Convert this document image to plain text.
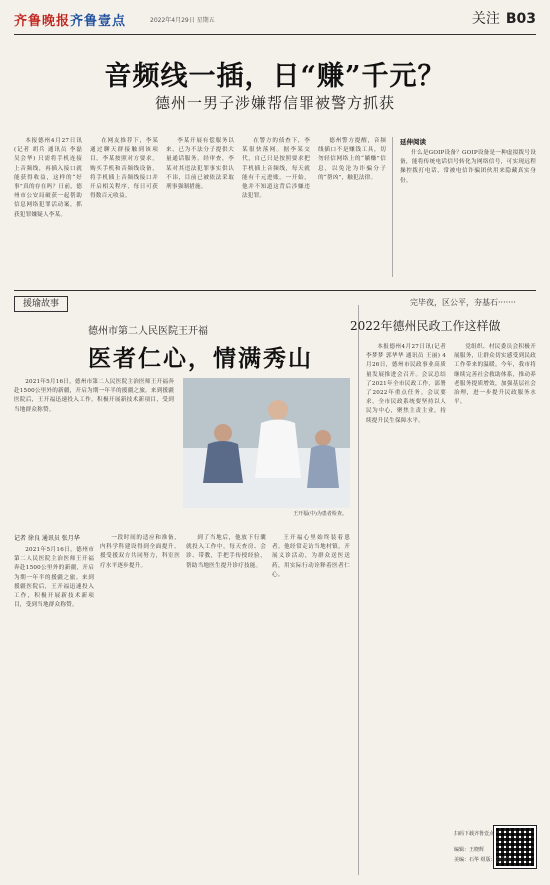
齐鲁晚报齐鲁壹点	2022年4月29日 星期五	关注 B03
音频线一插，日“赚”千元？
德州一男子涉嫌帮信罪被警方抓获

本报德州4月27日讯(记者 胡兵 通讯员 李磊 吴会华) 只需将手机连接上音频线，再插入接口就能获得收益，这样的“好事”真的存在吗？日前，德州市公安局破获一起帮助信息网络犯罪活动案，抓获犯罪嫌疑人李某。

在网友推荐下，李某通过聊天群接触到该项目。李某按照对方要求，购买手机和音频线设备，将手机插上音频线接口并开启相关程序，每日可获得数百元收益。

李某开展有偿服务以来，已为不法分子提供大量通话服务。经审查，李某对其违法犯罪事实供认不讳，目前已被依法采取刑事强制措施。

在警方的侦查下，李某很快落网。据李某交代，自己只是按照要求把手机插上音频线，每天就能有千元进账。一开始，他并不知道这背后涉嫌违法犯罪。

德州警方提醒，音频线插口不是赚钱工具，切勿轻信网络上的“躺赚”信息，以免沦为诈骗分子的“帮凶”，触犯法律。

延伸阅读

什么是GOIP设备？GOIP设备是一种虚拟拨号设备，能将传统电话信号转化为网络信号，可实现远程操控拨打电话，常被电信诈骗团伙用来隐藏真实身份。

援瑜故事	完毕夜，区公平，夯基石·······
德州市第二人民医院王开福
医者仁心，情满秀山
王开福(中)为患者检查。
记者 徐良 通讯员 张月华

2021年5月16日，德州市第二人民医院主治医师王开福奔赴1500公里外的新疆，开启为期一年半的援疆之旅。来到援疆医院后，王开福迅速投入工作，积极开展新技术新项目，受到当地群众称赞。

一段时间的适应和准备，内科学科建设得到全面提升。援受援双方共同努力，科室医疗水平逐步提升。

到了当地后，他放下行囊就投入工作中，每天查房、会诊、带教，手把手传授经验，帮助当地医生提升诊疗技能。

王开福心里始终装着患者。他经常走访当地村镇，开展义诊活动，为群众送医送药，用实际行动诠释着医者仁心。

2021年5月16日，德州市第二人民医院主治医师王开福奔赴1500公里外的新疆，开启为期一年半的援疆之旅。来到援疆医院后，王开福迅速投入工作，积极开展新技术新项目，受到当地群众称赞。

2022年德州民政工作这样做

本报德州4月27日讯(记者 李梦梦 郭华华 通讯员 王丽) 4月26日，德州市民政事业高质量发展推进会召开。会议总结了2021年全市民政工作，部署了2022年重点任务。会议要求，全市民政系统要坚持以人民为中心，聚焦主责主业，持续提升民生保障水平。

党组织、村民委员会积极开展服务，让群众切实感受到民政工作带来的温暖。今年，我市将继续完善社会救助体系，推动养老服务提质增效，加强基层社会治理，进一步提升民政服务水平。

扫码下载齐鲁壹点
编辑：王晓辉
美编：石华 组版：赵成江
